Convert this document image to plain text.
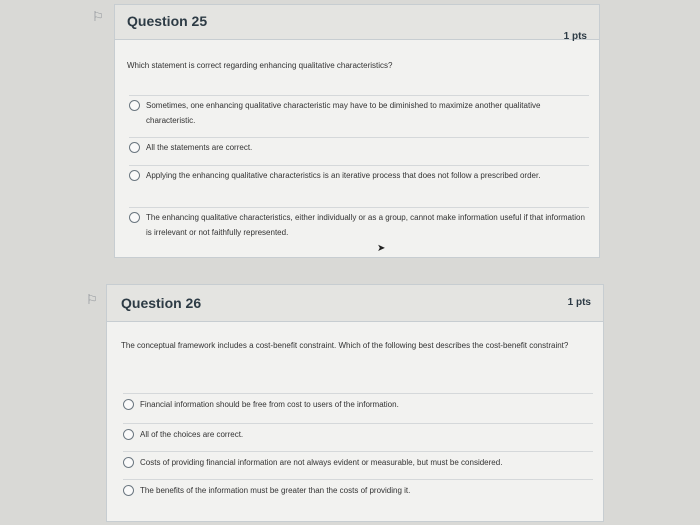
⚐	Question 25
1 pts
Which statement is correct regarding enhancing qualitative characteristics?
Sometimes, one enhancing qualitative characteristic may have to be diminished to maximize another qualitative characteristic.
All the statements are correct.
Applying the enhancing qualitative characteristics is an iterative process that does not follow a prescribed order.
The enhancing qualitative characteristics, either individually or as a group, cannot make information useful if that information is irrelevant or not faithfully represented.
➤
⚐	Question 26	1 pts
The conceptual framework includes a cost-benefit constraint. Which of the following best describes the cost-benefit constraint?
Financial information should be free from cost to users of the information.
All of the choices are correct.
Costs of providing financial information are not always evident or measurable, but must be considered.
The benefits of the information must be greater than the costs of providing it.
